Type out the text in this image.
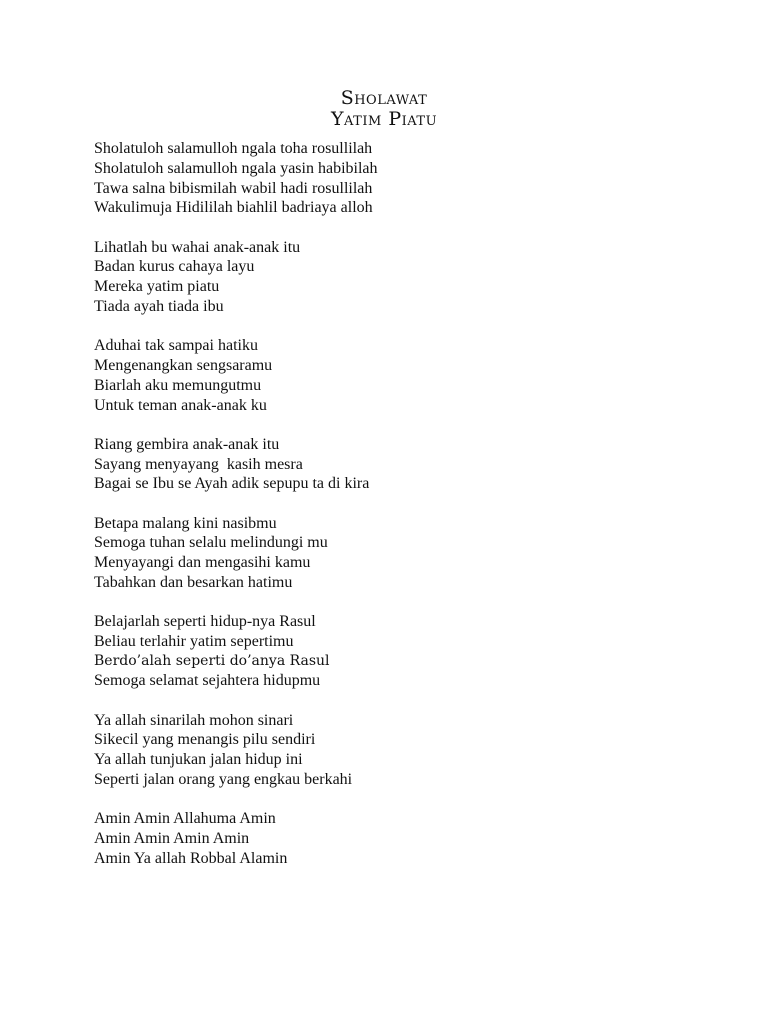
Sholawat
Yatim Piatu
Sholatuloh salamulloh ngala toha rosullilah
Sholatuloh salamulloh ngala yasin habibilah
Tawa salna bibismilah wabil hadi rosullilah
Wakulimuja Hidililah biahlil badriaya alloh
Lihatlah bu wahai anak-anak itu
Badan kurus cahaya layu
Mereka yatim piatu
Tiada ayah tiada ibu
Aduhai tak sampai hatiku
Mengenangkan sengsaramu
Biarlah aku memungutmu
Untuk teman anak-anak ku
Riang gembira anak-anak itu
Sayang menyayang  kasih mesra
Bagai se Ibu se Ayah adik sepupu ta di kira
Betapa malang kini nasibmu
Semoga tuhan selalu melindungi mu
Menyayangi dan mengasihi kamu
Tabahkan dan besarkan hatimu
Belajarlah seperti hidup-nya Rasul
Beliau terlahir yatim sepertimu
Berdo’alah seperti do’anya Rasul
Semoga selamat sejahtera hidupmu
Ya allah sinarilah mohon sinari
Sikecil yang menangis pilu sendiri
Ya allah tunjukan jalan hidup ini
Seperti jalan orang yang engkau berkahi
Amin Amin Allahuma Amin
Amin Amin Amin Amin
Amin Ya allah Robbal Alamin
